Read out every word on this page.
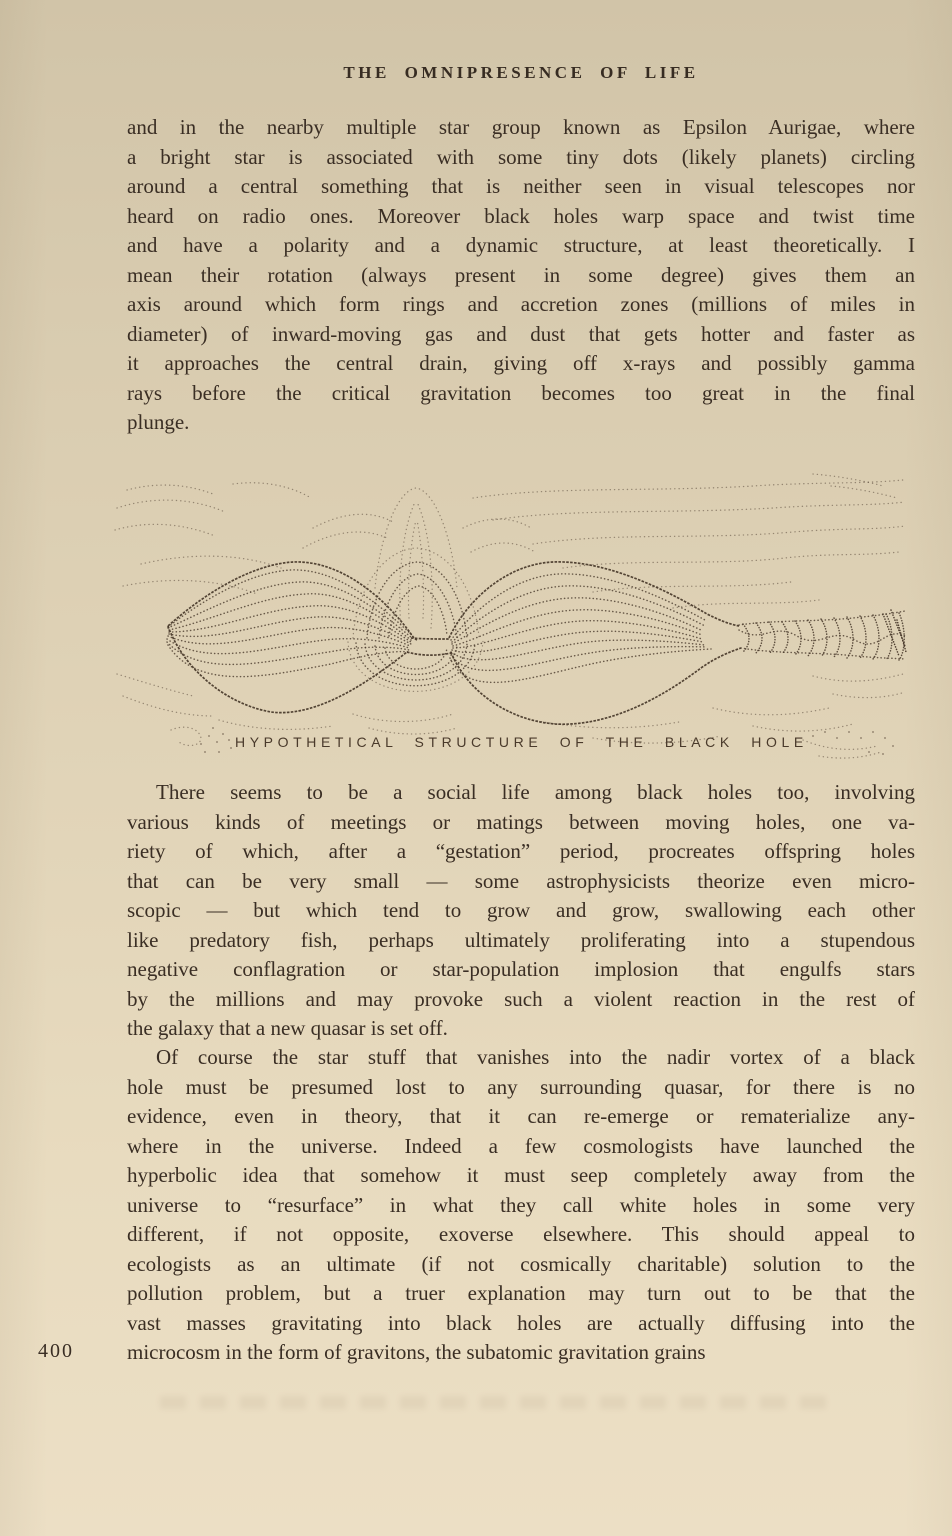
THE OMNIPRESENCE OF LIFE
and in the nearby multiple star group known as Epsilon Aurigae, where
a bright star is associated with some tiny dots (likely planets) circling
around a central something that is neither seen in visual telescopes nor
heard on radio ones. Moreover black holes warp space and twist time
and have a polarity and a dynamic structure, at least theoretically. I
mean their rotation (always present in some degree) gives them an
axis around which form rings and accretion zones (millions of miles in
diameter) of inward-moving gas and dust that gets hotter and faster as
it approaches the central drain, giving off x-rays and possibly gamma
rays before the critical gravitation becomes too great in the final
plunge.
HYPOTHETICAL STRUCTURE OF THE BLACK HOLE
There seems to be a social life among black holes too, involving
various kinds of meetings or matings between moving holes, one va-
riety of which, after a “gestation” period, procreates offspring holes
that can be very small — some astrophysicists theorize even micro-
scopic — but which tend to grow and grow, swallowing each other
like predatory fish, perhaps ultimately proliferating into a stupendous
negative conflagration or star-population implosion that engulfs stars
by the millions and may provoke such a violent reaction in the rest of
the galaxy that a new quasar is set off.
Of course the star stuff that vanishes into the nadir vortex of a black
hole must be presumed lost to any surrounding quasar, for there is no
evidence, even in theory, that it can re-emerge or rematerialize any-
where in the universe. Indeed a few cosmologists have launched the
hyperbolic idea that somehow it must seep completely away from the
universe to “resurface” in what they call white holes in some very
different, if not opposite, exoverse elsewhere. This should appeal to
ecologists as an ultimate (if not cosmically charitable) solution to the
pollution problem, but a truer explanation may turn out to be that the
vast masses gravitating into black holes are actually diffusing into the
microcosm in the form of gravitons, the subatomic gravitation grains
400
